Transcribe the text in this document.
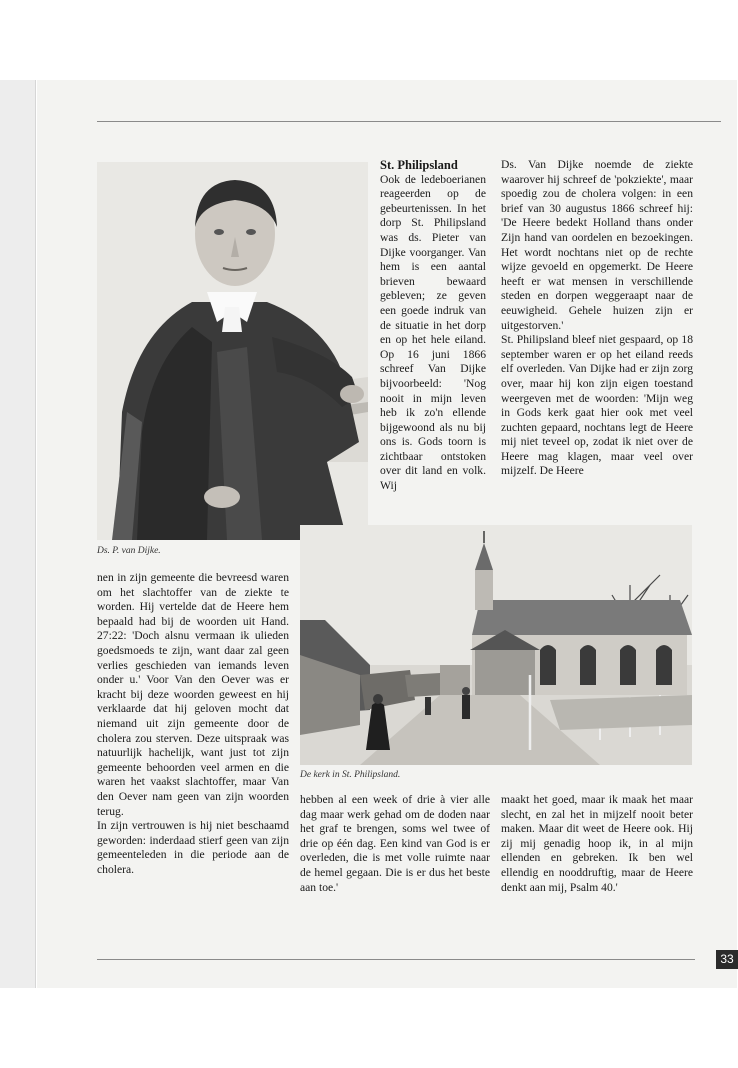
Ds. P. van Dijke.
St. Philipsland

Ook de ledeboerianen reageerden op de gebeurtenissen. In het dorp St. Philipsland was ds. Pieter van Dijke voorganger. Van hem is een aantal brieven bewaard gebleven; ze geven een goede indruk van de situatie in het dorp en op het hele eiland. Op 16 juni 1866 schreef Van Dijke bijvoorbeeld: 'Nog nooit in mijn leven heb ik zo'n ellende bijgewoond als nu bij ons is. Gods toorn is zichtbaar ontstoken over dit land en volk. Wij

Ds. Van Dijke noemde de ziekte waarover hij schreef de 'pokziekte', maar spoedig zou de cholera volgen: in een brief van 30 augustus 1866 schreef hij: 'De Heere bedekt Holland thans onder Zijn hand van oordelen en bezoekingen. Het wordt nochtans niet op de rechte wijze gevoeld en opgemerkt. De Heere heeft er wat mensen in verschillende steden en dorpen weggeraapt naar de eeuwigheid. Gehele huizen zijn er uitgestorven.'

St. Philipsland bleef niet gespaard, op 18 september waren er op het eiland reeds elf overleden. Van Dijke had er zijn zorg over, maar hij kon zijn eigen toestand weergeven met de woorden: 'Mijn weg in Gods kerk gaat hier ook met veel zuchten gepaard, nochtans legt de Heere mij niet teveel op, zodat ik niet over de Heere mag klagen, maar veel over mijzelf. De Heere

De kerk in St. Philipsland.

nen in zijn gemeente die bevreesd waren om het slachtoffer van de ziekte te worden. Hij vertelde dat de Heere hem bepaald had bij de woorden uit Hand. 27:22: 'Doch alsnu vermaan ik ulieden goedsmoeds te zijn, want daar zal geen verlies geschieden van iemands leven onder u.' Voor Van den Oever was er kracht bij deze woorden geweest en hij verklaarde dat hij geloven mocht dat niemand uit zijn gemeente door de cholera zou sterven. Deze uitspraak was natuurlijk hachelijk, want just tot zijn gemeente behoorden veel armen en die waren het vaakst slachtoffer, maar Van den Oever nam geen van zijn woorden terug.

In zijn vertrouwen is hij niet beschaamd geworden: inderdaad stierf geen van zijn gemeenteleden in die periode aan de cholera.

hebben al een week of drie à vier alle dag maar werk gehad om de doden naar het graf te brengen, soms wel twee of drie op één dag. Een kind van God is er overleden, die is met volle ruimte naar de hemel gegaan. Die is er dus het beste aan toe.'

maakt het goed, maar ik maak het maar slecht, en zal het in mijzelf nooit beter maken. Maar dit weet de Heere ook. Hij zij mij genadig hoop ik, in al mijn ellenden en gebreken. Ik ben wel ellendig en nooddruftig, maar de Heere denkt aan mij, Psalm 40.'

33
